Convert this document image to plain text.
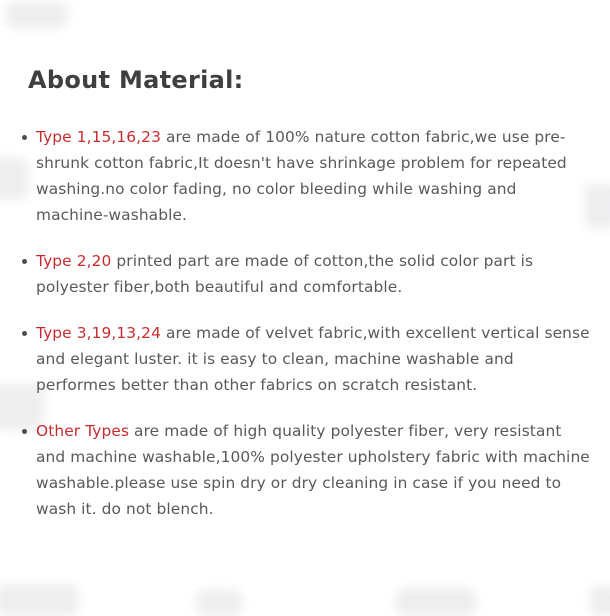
About Material:
Type 1,15,16,23 are made of 100% nature cotton fabric,we use pre-shrunk cotton fabric,It doesn't have shrinkage problem for repeated washing.no color fading, no color bleeding while washing and machine-washable.
Type 2,20 printed part are made of cotton,the solid color part is polyester fiber,both beautiful and comfortable.
Type 3,19,13,24 are made of velvet fabric,with excellent vertical sense and elegant luster. it is easy to clean, machine washable and performes better than other fabrics on scratch resistant.
Other Types are made of high quality polyester fiber, very resistant and machine washable,100% polyester upholstery fabric with machine washable.please use spin dry or dry cleaning in case if you need to wash it. do not blench.
